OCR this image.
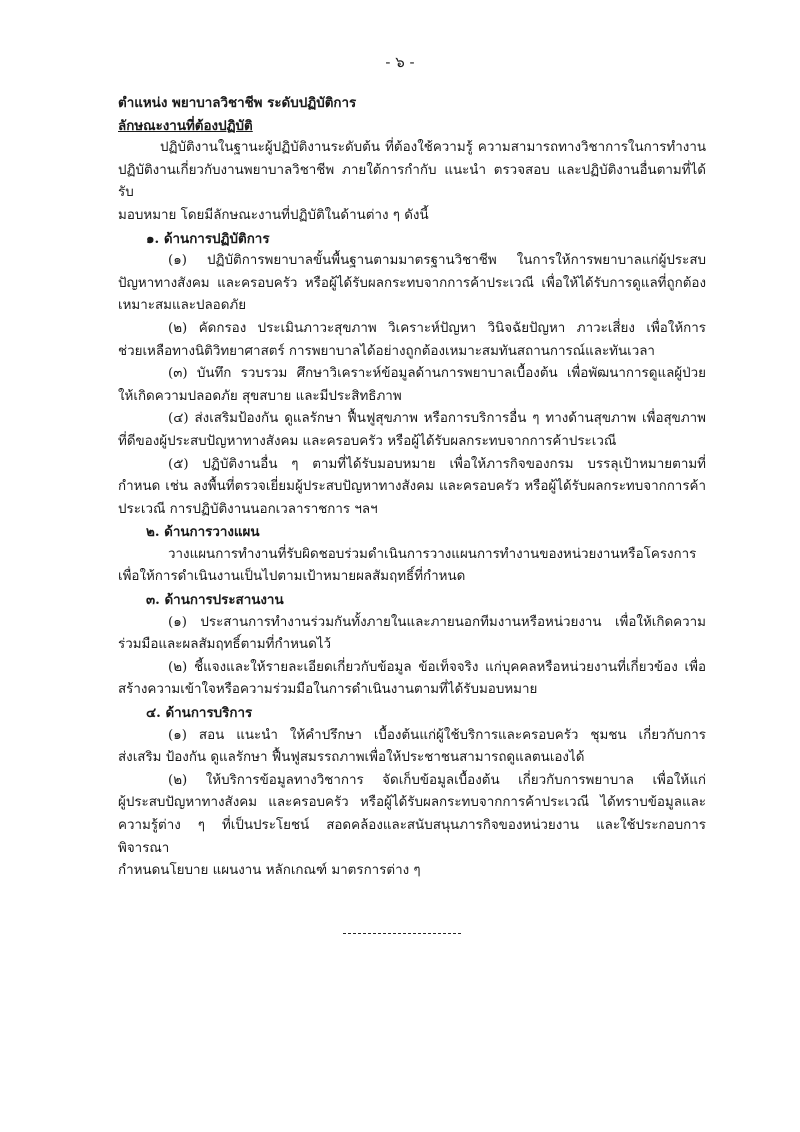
- ๖ -
ตำแหน่ง พยาบาลวิชาชีพ ระดับปฏิบัติการ
ลักษณะงานที่ต้องปฏิบัติ
ปฏิบัติงานในฐานะผู้ปฏิบัติงานระดับต้น ที่ต้องใช้ความรู้ ความสามารถทางวิชาการในการทำงาน
ปฏิบัติงานเกี่ยวกับงานพยาบาลวิชาชีพ ภายใต้การกำกับ แนะนำ ตรวจสอบ และปฏิบัติงานอื่นตามที่ได้รับ
มอบหมาย โดยมีลักษณะงานที่ปฏิบัติในด้านต่าง ๆ ดังนี้
๑. ด้านการปฏิบัติการ
(๑) ปฏิบัติการพยาบาลขั้นพื้นฐานตามมาตรฐานวิชาชีพ ในการให้การพยาบาลแก่ผู้ประสบ
ปัญหาทางสังคม และครอบครัว หรือผู้ได้รับผลกระทบจากการค้าประเวณี เพื่อให้ได้รับการดูแลที่ถูกต้อง
เหมาะสมและปลอดภัย
(๒) คัดกรอง ประเมินภาวะสุขภาพ วิเคราะห์ปัญหา วินิจฉัยปัญหา ภาวะเสี่ยง เพื่อให้การ
ช่วยเหลือทางนิติวิทยาศาสตร์ การพยาบาลได้อย่างถูกต้องเหมาะสมทันสถานการณ์และทันเวลา
(๓) บันทึก รวบรวม ศึกษาวิเคราะห์ข้อมูลด้านการพยาบาลเบื้องต้น เพื่อพัฒนาการดูแลผู้ป่วย
ให้เกิดความปลอดภัย สุขสบาย และมีประสิทธิภาพ
(๔) ส่งเสริมป้องกัน ดูแลรักษา ฟื้นฟูสุขภาพ หรือการบริการอื่น ๆ ทางด้านสุขภาพ เพื่อสุขภาพ
ที่ดีของผู้ประสบปัญหาทางสังคม และครอบครัว หรือผู้ได้รับผลกระทบจากการค้าประเวณี
(๕) ปฏิบัติงานอื่น ๆ ตามที่ได้รับมอบหมาย เพื่อให้ภารกิจของกรม บรรลุเป้าหมายตามที่
กำหนด เช่น ลงพื้นที่ตรวจเยี่ยมผู้ประสบปัญหาทางสังคม และครอบครัว หรือผู้ได้รับผลกระทบจากการค้า
ประเวณี การปฏิบัติงานนอกเวลาราชการ ฯลฯ
๒. ด้านการวางแผน
วางแผนการทำงานที่รับผิดชอบร่วมดำเนินการวางแผนการทำงานของหน่วยงานหรือโครงการ
เพื่อให้การดำเนินงานเป็นไปตามเป้าหมายผลสัมฤทธิ์ที่กำหนด
๓. ด้านการประสานงาน
(๑) ประสานการทำงานร่วมกันทั้งภายในและภายนอกทีมงานหรือหน่วยงาน เพื่อให้เกิดความ
ร่วมมือและผลสัมฤทธิ์ตามที่กำหนดไว้
(๒) ชี้แจงและให้รายละเอียดเกี่ยวกับข้อมูล ข้อเท็จจริง แก่บุคคลหรือหน่วยงานที่เกี่ยวข้อง เพื่อ
สร้างความเข้าใจหรือความร่วมมือในการดำเนินงานตามที่ได้รับมอบหมาย
๔. ด้านการบริการ
(๑) สอน แนะนำ ให้คำปรึกษา เบื้องต้นแก่ผู้ใช้บริการและครอบครัว ชุมชน เกี่ยวกับการ
ส่งเสริม ป้องกัน ดูแลรักษา ฟื้นฟูสมรรถภาพเพื่อให้ประชาชนสามารถดูแลตนเองได้
(๒) ให้บริการข้อมูลทางวิชาการ จัดเก็บข้อมูลเบื้องต้น เกี่ยวกับการพยาบาล เพื่อให้แก่
ผู้ประสบปัญหาทางสังคม และครอบครัว หรือผู้ได้รับผลกระทบจากการค้าประเวณี ได้ทราบข้อมูลและ
ความรู้ต่าง ๆ ที่เป็นประโยชน์ สอดคล้องและสนับสนุนภารกิจของหน่วยงาน และใช้ประกอบการพิจารณา
กำหนดนโยบาย แผนงาน หลักเกณฑ์ มาตรการต่าง ๆ
